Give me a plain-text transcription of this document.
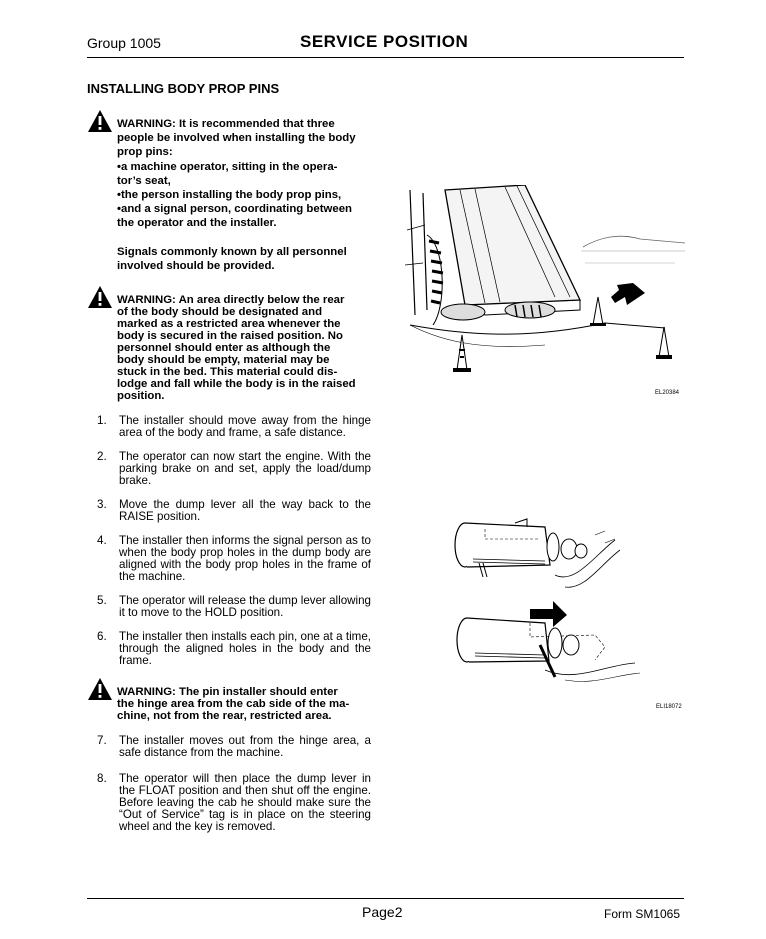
Group 1005	SERVICE POSITION
INSTALLING BODY PROP PINS

WARNING: It is recommended that three

people be involved when installing the body

prop pins:

•a machine operator, sitting in the opera-

tor’s seat,

•the person installing the body prop pins,

•and a signal person, coordinating between

the operator and the installer.

Signals commonly known by all personnel

involved should be provided.

WARNING: An area directly below the rear

of the body should be designated and

marked as a restricted area whenever the

body is secured in the raised position. No

personnel should enter as although the

body should be empty, material may be

stuck in the bed. This material could dis-

lodge and fall while the body is in the raised

position.

1. The installer should move away from the hinge area of the body and frame, a safe distance.
2. The operator can now start the engine. With the parking brake on and set, apply the load/dump brake.
3. Move the dump lever all the way back to the RAISE position.
4. The installer then informs the signal person as to when the body prop holes in the dump body are aligned with the body prop holes in the frame of the machine.
5. The operator will release the dump lever allowing it to move to the HOLD position.
6. The installer then installs each pin, one at a time, through the aligned holes in the body and the frame.

WARNING: The pin installer should enter

the hinge area from the cab side of the ma-

chine, not from the rear, restricted area.

7. The installer moves out from the hinge area, a safe distance from the machine.
8. The operator will then place the dump lever in the FLOAT position and then shut off the engine. Before leaving the cab he should make sure the “Out of Service” tag is in place on the steering wheel and the key is removed.
EL20384
ELI18072
Page2	Form SM1065
